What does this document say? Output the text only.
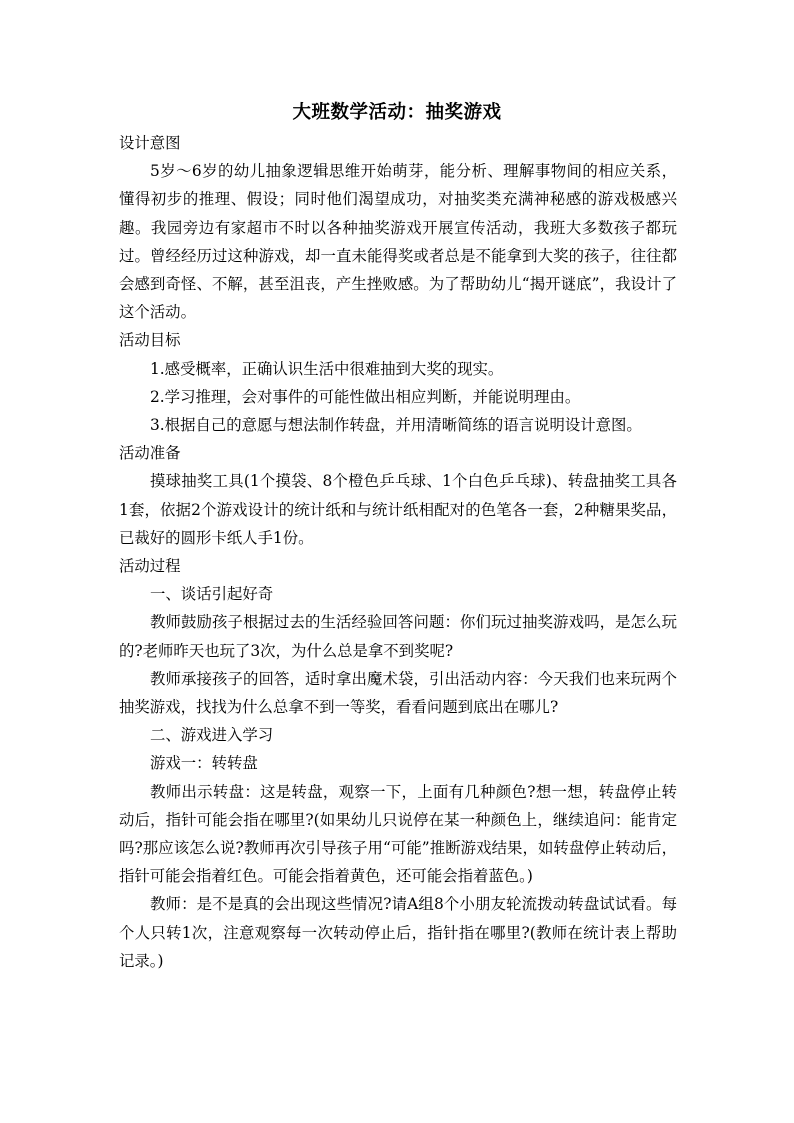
大班数学活动：抽奖游戏

设计意图

5岁～6岁的幼儿抽象逻辑思维开始萌芽，能分析、理解事物间的相应关系，懂得初步的推理、假设；同时他们渴望成功，对抽奖类充满神秘感的游戏极感兴趣。我园旁边有家超市不时以各种抽奖游戏开展宣传活动，我班大多数孩子都玩过。曾经经历过这种游戏，却一直未能得奖或者总是不能拿到大奖的孩子，往往都会感到奇怪、不解，甚至沮丧，产生挫败感。为了帮助幼儿“揭开谜底”，我设计了这个活动。

活动目标

1.感受概率，正确认识生活中很难抽到大奖的现实。

2.学习推理，会对事件的可能性做出相应判断，并能说明理由。

3.根据自己的意愿与想法制作转盘，并用清晰简练的语言说明设计意图。

活动准备

摸球抽奖工具(1个摸袋、8个橙色乒乓球、1个白色乒乓球)、转盘抽奖工具各1套，依据2个游戏设计的统计纸和与统计纸相配对的色笔各一套，2种糖果奖品，已裁好的圆形卡纸人手1份。

活动过程

一、谈话引起好奇

教师鼓励孩子根据过去的生活经验回答问题：你们玩过抽奖游戏吗，是怎么玩的?老师昨天也玩了3次，为什么总是拿不到奖呢?

教师承接孩子的回答，适时拿出魔术袋，引出活动内容：今天我们也来玩两个抽奖游戏，找找为什么总拿不到一等奖，看看问题到底出在哪儿?

二、游戏进入学习

游戏一：转转盘

教师出示转盘：这是转盘，观察一下，上面有几种颜色?想一想，转盘停止转动后，指针可能会指在哪里?(如果幼儿只说停在某一种颜色上，继续追问：能肯定吗?那应该怎么说?教师再次引导孩子用“可能”推断游戏结果，如转盘停止转动后，指针可能会指着红色。可能会指着黄色，还可能会指着蓝色。)

教师：是不是真的会出现这些情况?请A组8个小朋友轮流拨动转盘试试看。每个人只转1次，注意观察每一次转动停止后，指针指在哪里?(教师在统计表上帮助记录。)
